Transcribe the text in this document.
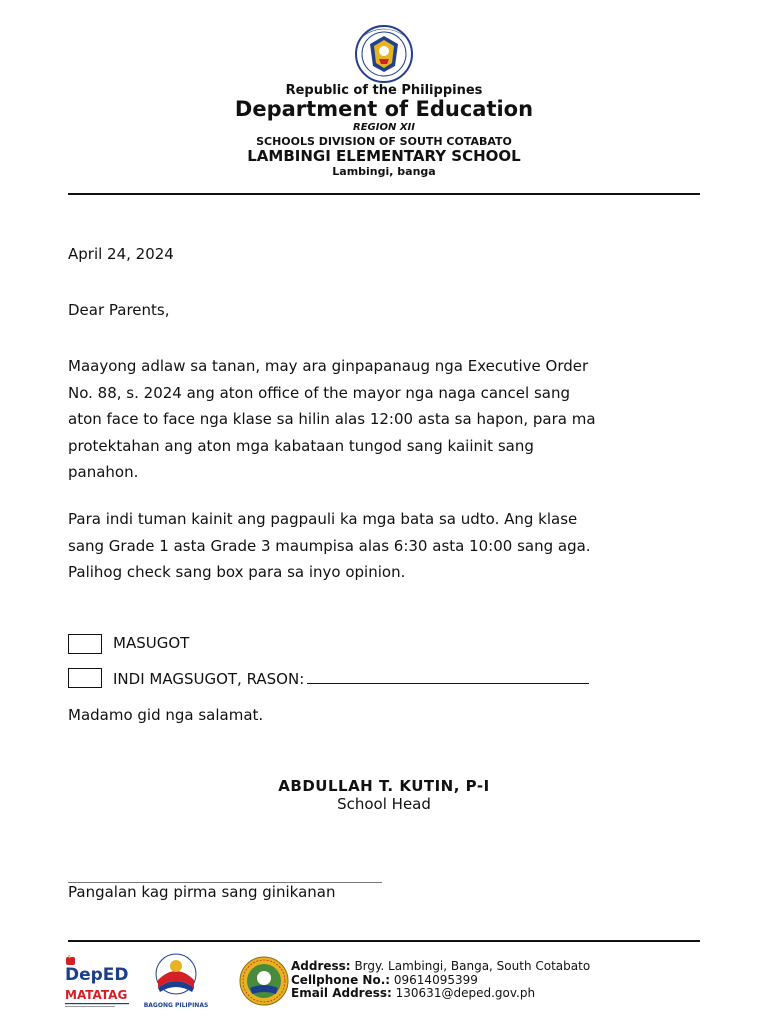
Republic of the Philippines
Department of Education
REGION XII
SCHOOLS DIVISION OF SOUTH COTABATO
LAMBINGI ELEMENTARY SCHOOL
Lambingi, banga
April 24, 2024
Dear Parents,
Maayong adlaw sa tanan, may ara ginpapanaug nga Executive Order
No. 88, s. 2024 ang aton office of the mayor nga naga cancel sang
aton face to face nga klase sa hilin alas 12:00 asta sa hapon, para ma
protektahan ang aton mga kabataan tungod sang kaiinit sang
panahon.
Para indi tuman kainit ang pagpauli ka mga bata sa udto. Ang klase
sang Grade 1 asta Grade 3 maumpisa alas 6:30 asta 10:00 sang aga.
Palihog check sang box para sa inyo opinion.
MASUGOT
INDI MAGSUGOT, RASON:
Madamo gid nga salamat.
ABDULLAH T. KUTIN, P-I
School Head
Pangalan kag pirma sang ginikanan
DepED
MATATAG
BAGONG PILIPINAS
Address: Brgy. Lambingi, Banga, South Cotabato
Cellphone No.: 09614095399
Email Address: 130631@deped.gov.ph
